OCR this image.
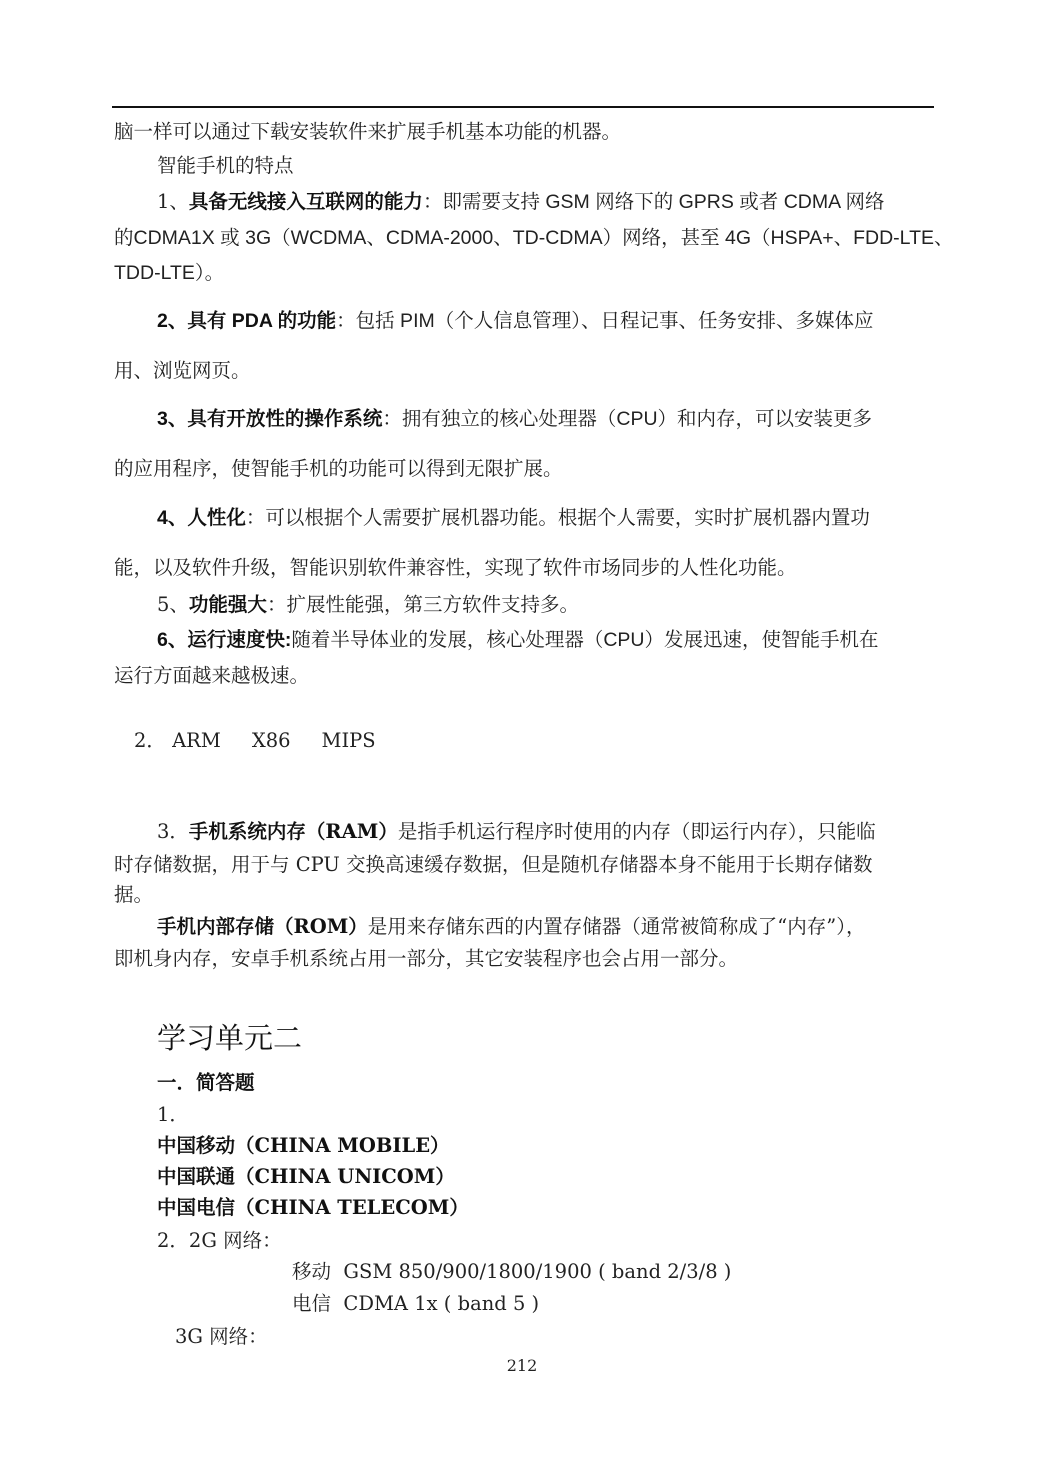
脑一样可以通过下载安装软件来扩展手机基本功能的机器。
智能手机的特点
1、具备无线接入互联网的能力：即需要支持 GSM 网络下的 GPRS 或者 CDMA 网络
的CDMA1X 或 3G（WCDMA、CDMA-2000、TD-CDMA）网络，甚至 4G（HSPA+、FDD-LTE、
TDD-LTE）。
2、具有 PDA 的功能：包括 PIM（个人信息管理）、日程记事、任务安排、多媒体应
用、浏览网页。
3、具有开放性的操作系统：拥有独立的核心处理器（CPU）和内存，可以安装更多
的应用程序，使智能手机的功能可以得到无限扩展。
4、人性化：可以根据个人需要扩展机器功能。根据个人需要，实时扩展机器内置功
能，以及软件升级，智能识别软件兼容性，实现了软件市场同步的人性化功能。
5、功能强大：扩展性能强，第三方软件支持多。
6、运行速度快:随着半导体业的发展，核心处理器（CPU）发展迅速，使智能手机在
运行方面越来越极速。
2． ARM     X86     MIPS
3．手机系统内存（RAM）是指手机运行程序时使用的内存（即运行内存），只能临
时存储数据，用于与 CPU 交换高速缓存数据，但是随机存储器本身不能用于长期存储数
据。
手机内部存储（ROM）是用来存储东西的内置存储器（通常被简称成了“内存”），
即机身内存，安卓手机系统占用一部分，其它安装程序也会占用一部分。
学习单元二
一．简答题
1．
中国移动（CHINA MOBILE）
中国联通（CHINA UNICOM）
中国电信（CHINA TELECOM）
2．2G 网络：
移动  GSM 850/900/1800/1900 ( band 2/3/8 )
电信  CDMA 1x ( band 5 )
3G 网络：
212
